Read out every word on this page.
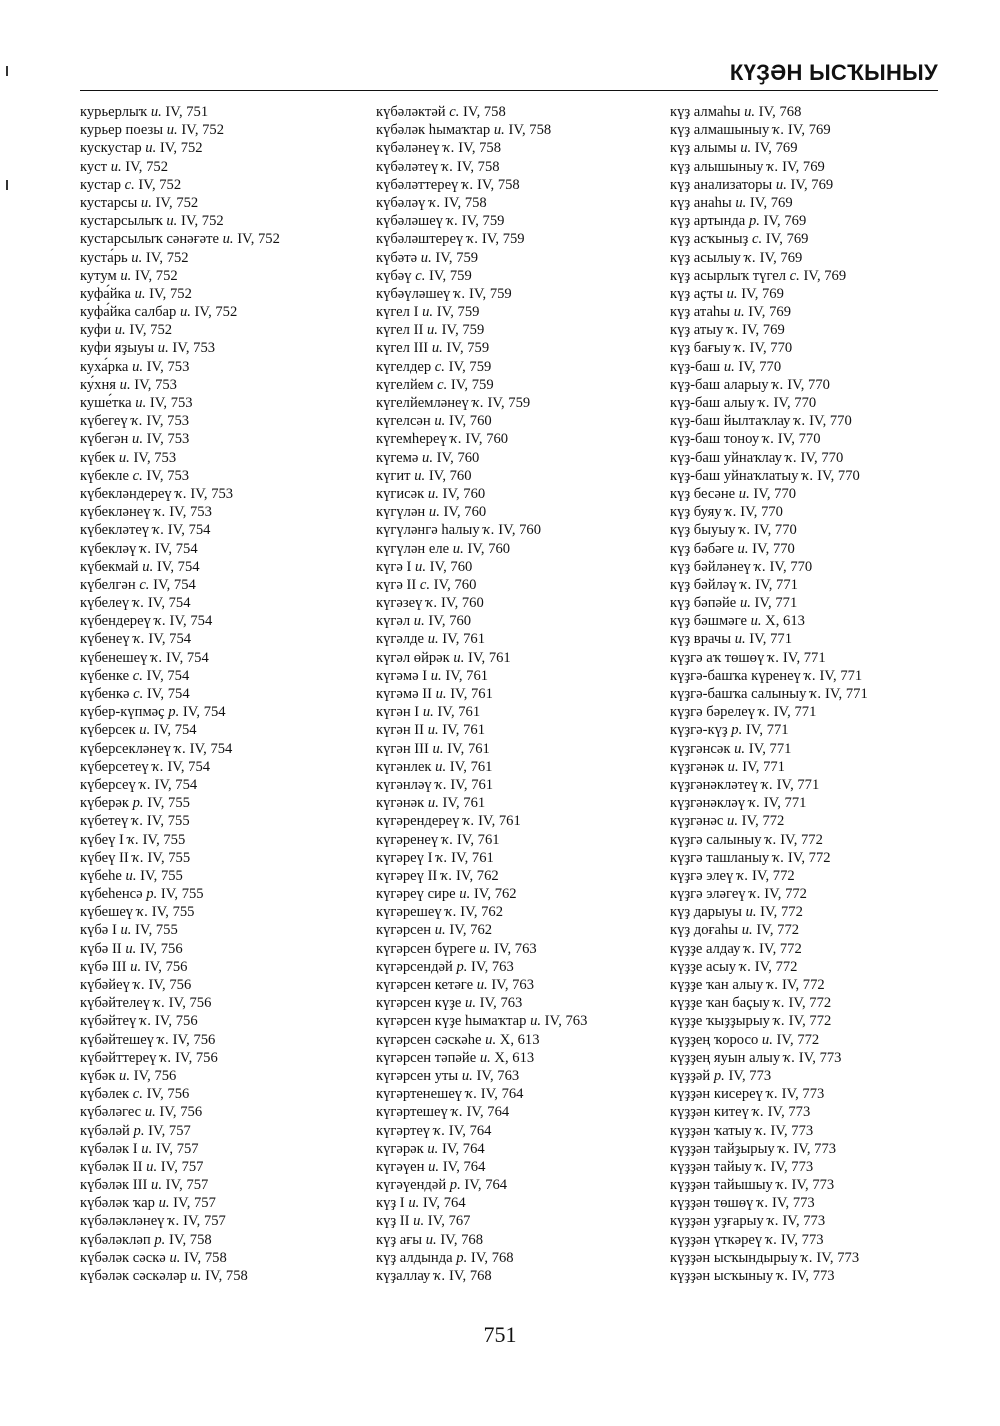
КҮҘӘН ЫСҠЫНЫУ
курьерлыҡ и. IV, 751
курьер поезы и. IV, 752
кускустар и. IV, 752
куст и. IV, 752
кустар с. IV, 752
кустарсы и. IV, 752
кустарсылыҡ и. IV, 752
кустарсылыҡ сәнәғәте и. IV, 752
куста́рь и. IV, 752
кутум и. IV, 752
куфа́йка и. IV, 752
куфа́йка салбар и. IV, 752
куфи и. IV, 752
куфи яҙыуы и. IV, 753
куха́рка и. IV, 753
ку́хня и. IV, 753
куше́тка и. IV, 753
күбегеү ҡ. IV, 753
күбегән и. IV, 753
күбек и. IV, 753
күбекле с. IV, 753
күбекләндереү ҡ. IV, 753
күбекләнеү ҡ. IV, 753
күбекләтеү ҡ. IV, 754
күбекләү ҡ. IV, 754
күбекмай и. IV, 754
күбелгән с. IV, 754
күбелеү ҡ. IV, 754
күбендереү ҡ. IV, 754
күбенеү ҡ. IV, 754
күбенешеү ҡ. IV, 754
күбенке с. IV, 754
күбенкә с. IV, 754
күбер-күпмәҫ р. IV, 754
күберсек и. IV, 754
күберсекләнеү ҡ. IV, 754
күберсетеү ҡ. IV, 754
күберсеү ҡ. IV, 754
күберәк р. IV, 755
күбетеү ҡ. IV, 755
күбеү I ҡ. IV, 755
күбеү II ҡ. IV, 755
күбеһе и. IV, 755
күбеһенсә р. IV, 755
күбешеү ҡ. IV, 755
күбә I и. IV, 755
күбә II и. IV, 756
күбә III и. IV, 756
күбәйеү ҡ. IV, 756
күбәйтелеү ҡ. IV, 756
күбәйтеү ҡ. IV, 756
күбәйтешеү ҡ. IV, 756
күбәйттереү ҡ. IV, 756
күбәк и. IV, 756
күбәлек с. IV, 756
күбәләгес и. IV, 756
күбәләй р. IV, 757
күбәләк I и. IV, 757
күбәләк II и. IV, 757
күбәләк III и. IV, 757
күбәләк ҡар и. IV, 757
күбәләкләнеү ҡ. IV, 757
күбәләкләп р. IV, 758
күбәләк сәскә и. IV, 758
күбәләк сәскәләр и. IV, 758
күбәләктәй с. IV, 758
күбәләк һымаҡтар и. IV, 758
күбәләнеү ҡ. IV, 758
күбәләтеү ҡ. IV, 758
күбәләттереү ҡ. IV, 758
күбәләү ҡ. IV, 758
күбәләшеү ҡ. IV, 759
күбәләштереү ҡ. IV, 759
күбәтә и. IV, 759
күбәү с. IV, 759
күбәүләшеү ҡ. IV, 759
күгел I и. IV, 759
күгел II и. IV, 759
күгел III и. IV, 759
күгелдер с. IV, 759
күгелйем с. IV, 759
күгелйемләнеү ҡ. IV, 759
күгелсән и. IV, 760
күгемһереү ҡ. IV, 760
күгемә и. IV, 760
күгит и. IV, 760
күгисәк и. IV, 760
күгүлән и. IV, 760
күгүләнгә һалыу ҡ. IV, 760
күгүлән еле и. IV, 760
күгә I и. IV, 760
күгә II с. IV, 760
күгәзеү ҡ. IV, 760
күгәл и. IV, 760
күгәлде и. IV, 761
күгәл өйрәк и. IV, 761
күгәмә I и. IV, 761
күгәмә II и. IV, 761
күгән I и. IV, 761
күгән II и. IV, 761
күгән III и. IV, 761
күгәнлек и. IV, 761
күгәнләү ҡ. IV, 761
күгәнәк и. IV, 761
күгәрендереү ҡ. IV, 761
күгәренеү ҡ. IV, 761
күгәреү I ҡ. IV, 761
күгәреү II ҡ. IV, 762
күгәреү сире и. IV, 762
күгәрешеү ҡ. IV, 762
күгәрсен и. IV, 762
күгәрсен бүрегe и. IV, 763
күгәрсендәй р. IV, 763
күгәрсен кетәге и. IV, 763
күгәрсен күҙе и. IV, 763
күгәрсен күҙе һымаҡтар и. IV, 763
күгәрсен сәскәһе и. X, 613
күгәрсен тәпәйе и. X, 613
күгәрсен уты и. IV, 763
күгәртенешеү ҡ. IV, 764
күгәртешеү ҡ. IV, 764
күгәртеү ҡ. IV, 764
күгәрәк и. IV, 764
күгәүен и. IV, 764
күгәүендәй р. IV, 764
күҙ I и. IV, 764
күҙ II и. IV, 767
күҙ ағы и. IV, 768
күҙ алдында р. IV, 768
күҙаллау ҡ. IV, 768
күҙ алмаһы и. IV, 768
күҙ алмашыныу ҡ. IV, 769
күҙ алымы и. IV, 769
күҙ алышыныу ҡ. IV, 769
күҙ анализаторы и. IV, 769
күҙ анаһы и. IV, 769
күҙ артында р. IV, 769
күҙ асҡыныҙ с. IV, 769
күҙ асылыу ҡ. IV, 769
күҙ асырлыҡ түгел с. IV, 769
күҙ аҫты и. IV, 769
күҙ атаһы и. IV, 769
күҙ атыу ҡ. IV, 769
күҙ бағыу ҡ. IV, 770
күҙ-баш и. IV, 770
күҙ-баш аларыу ҡ. IV, 770
күҙ-баш алыу ҡ. IV, 770
күҙ-баш йылтаҡлау ҡ. IV, 770
күҙ-баш тоноу ҡ. IV, 770
күҙ-баш уйнаҡлау ҡ. IV, 770
күҙ-баш уйнаҡлатыу ҡ. IV, 770
күҙ бесәне и. IV, 770
күҙ буяу ҡ. IV, 770
күҙ быуыу ҡ. IV, 770
күҙ бәбәге и. IV, 770
күҙ бәйләнеү ҡ. IV, 770
күҙ бәйләү ҡ. IV, 771
күҙ бәпәйе и. IV, 771
күҙ бәшмәге и. X, 613
күҙ врачы и. IV, 771
күҙгә аҡ төшөү ҡ. IV, 771
күҙгә-башҡа күренеү ҡ. IV, 771
күҙгә-башҡа салыныу ҡ. IV, 771
күҙгә бәрелеү ҡ. IV, 771
күҙгә-күҙ р. IV, 771
күҙгәнсәк и. IV, 771
күҙгәнәк и. IV, 771
күҙгәнәкләтеү ҡ. IV, 771
күҙгәнәкләү ҡ. IV, 771
күҙгәнәс и. IV, 772
күҙгә салыныу ҡ. IV, 772
күҙгә ташланыу ҡ. IV, 772
күҙгә элеү ҡ. IV, 772
күҙгә эләгеү ҡ. IV, 772
күҙ дарыуы и. IV, 772
күҙ доғаһы и. IV, 772
күҙҙе алдау ҡ. IV, 772
күҙҙе асыу ҡ. IV, 772
күҙҙе ҡан алыу ҡ. IV, 772
күҙҙе ҡан баҫыу ҡ. IV, 772
күҙҙе ҡыҙҙырыу ҡ. IV, 772
күҙҙең ҡоросо и. IV, 772
күҙҙең яуын алыу ҡ. IV, 773
күҙҙәй р. IV, 773
күҙҙән кисереү ҡ. IV, 773
күҙҙән китеү ҡ. IV, 773
күҙҙән ҡатыу ҡ. IV, 773
күҙҙән тайҙырыу ҡ. IV, 773
күҙҙән тайыу ҡ. IV, 773
күҙҙән тайышыу ҡ. IV, 773
күҙҙән төшөү ҡ. IV, 773
күҙҙән уҙғарыу ҡ. IV, 773
күҙҙән үткәреү ҡ. IV, 773
күҙҙән ысҡындырыу ҡ. IV, 773
күҙҙән ысҡыныу ҡ. IV, 773
751
